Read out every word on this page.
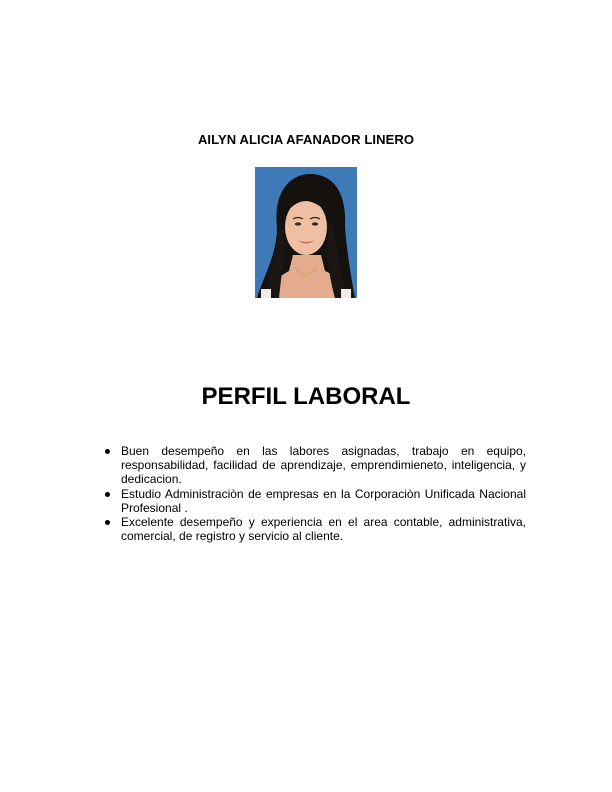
AILYN ALICIA AFANADOR LINERO
PERFIL LABORAL
Buen desempeño en las labores asignadas, trabajo en equipo, responsabilidad, facilidad de aprendizaje, emprendimieneto, inteligencia, y dedicacion.
Estudio Administraciòn de empresas en la Corporaciòn Unificada Nacional Profesional .
Excelente desempeño y experiencia en el area contable, administrativa, comercial, de registro y servicio al cliente.
